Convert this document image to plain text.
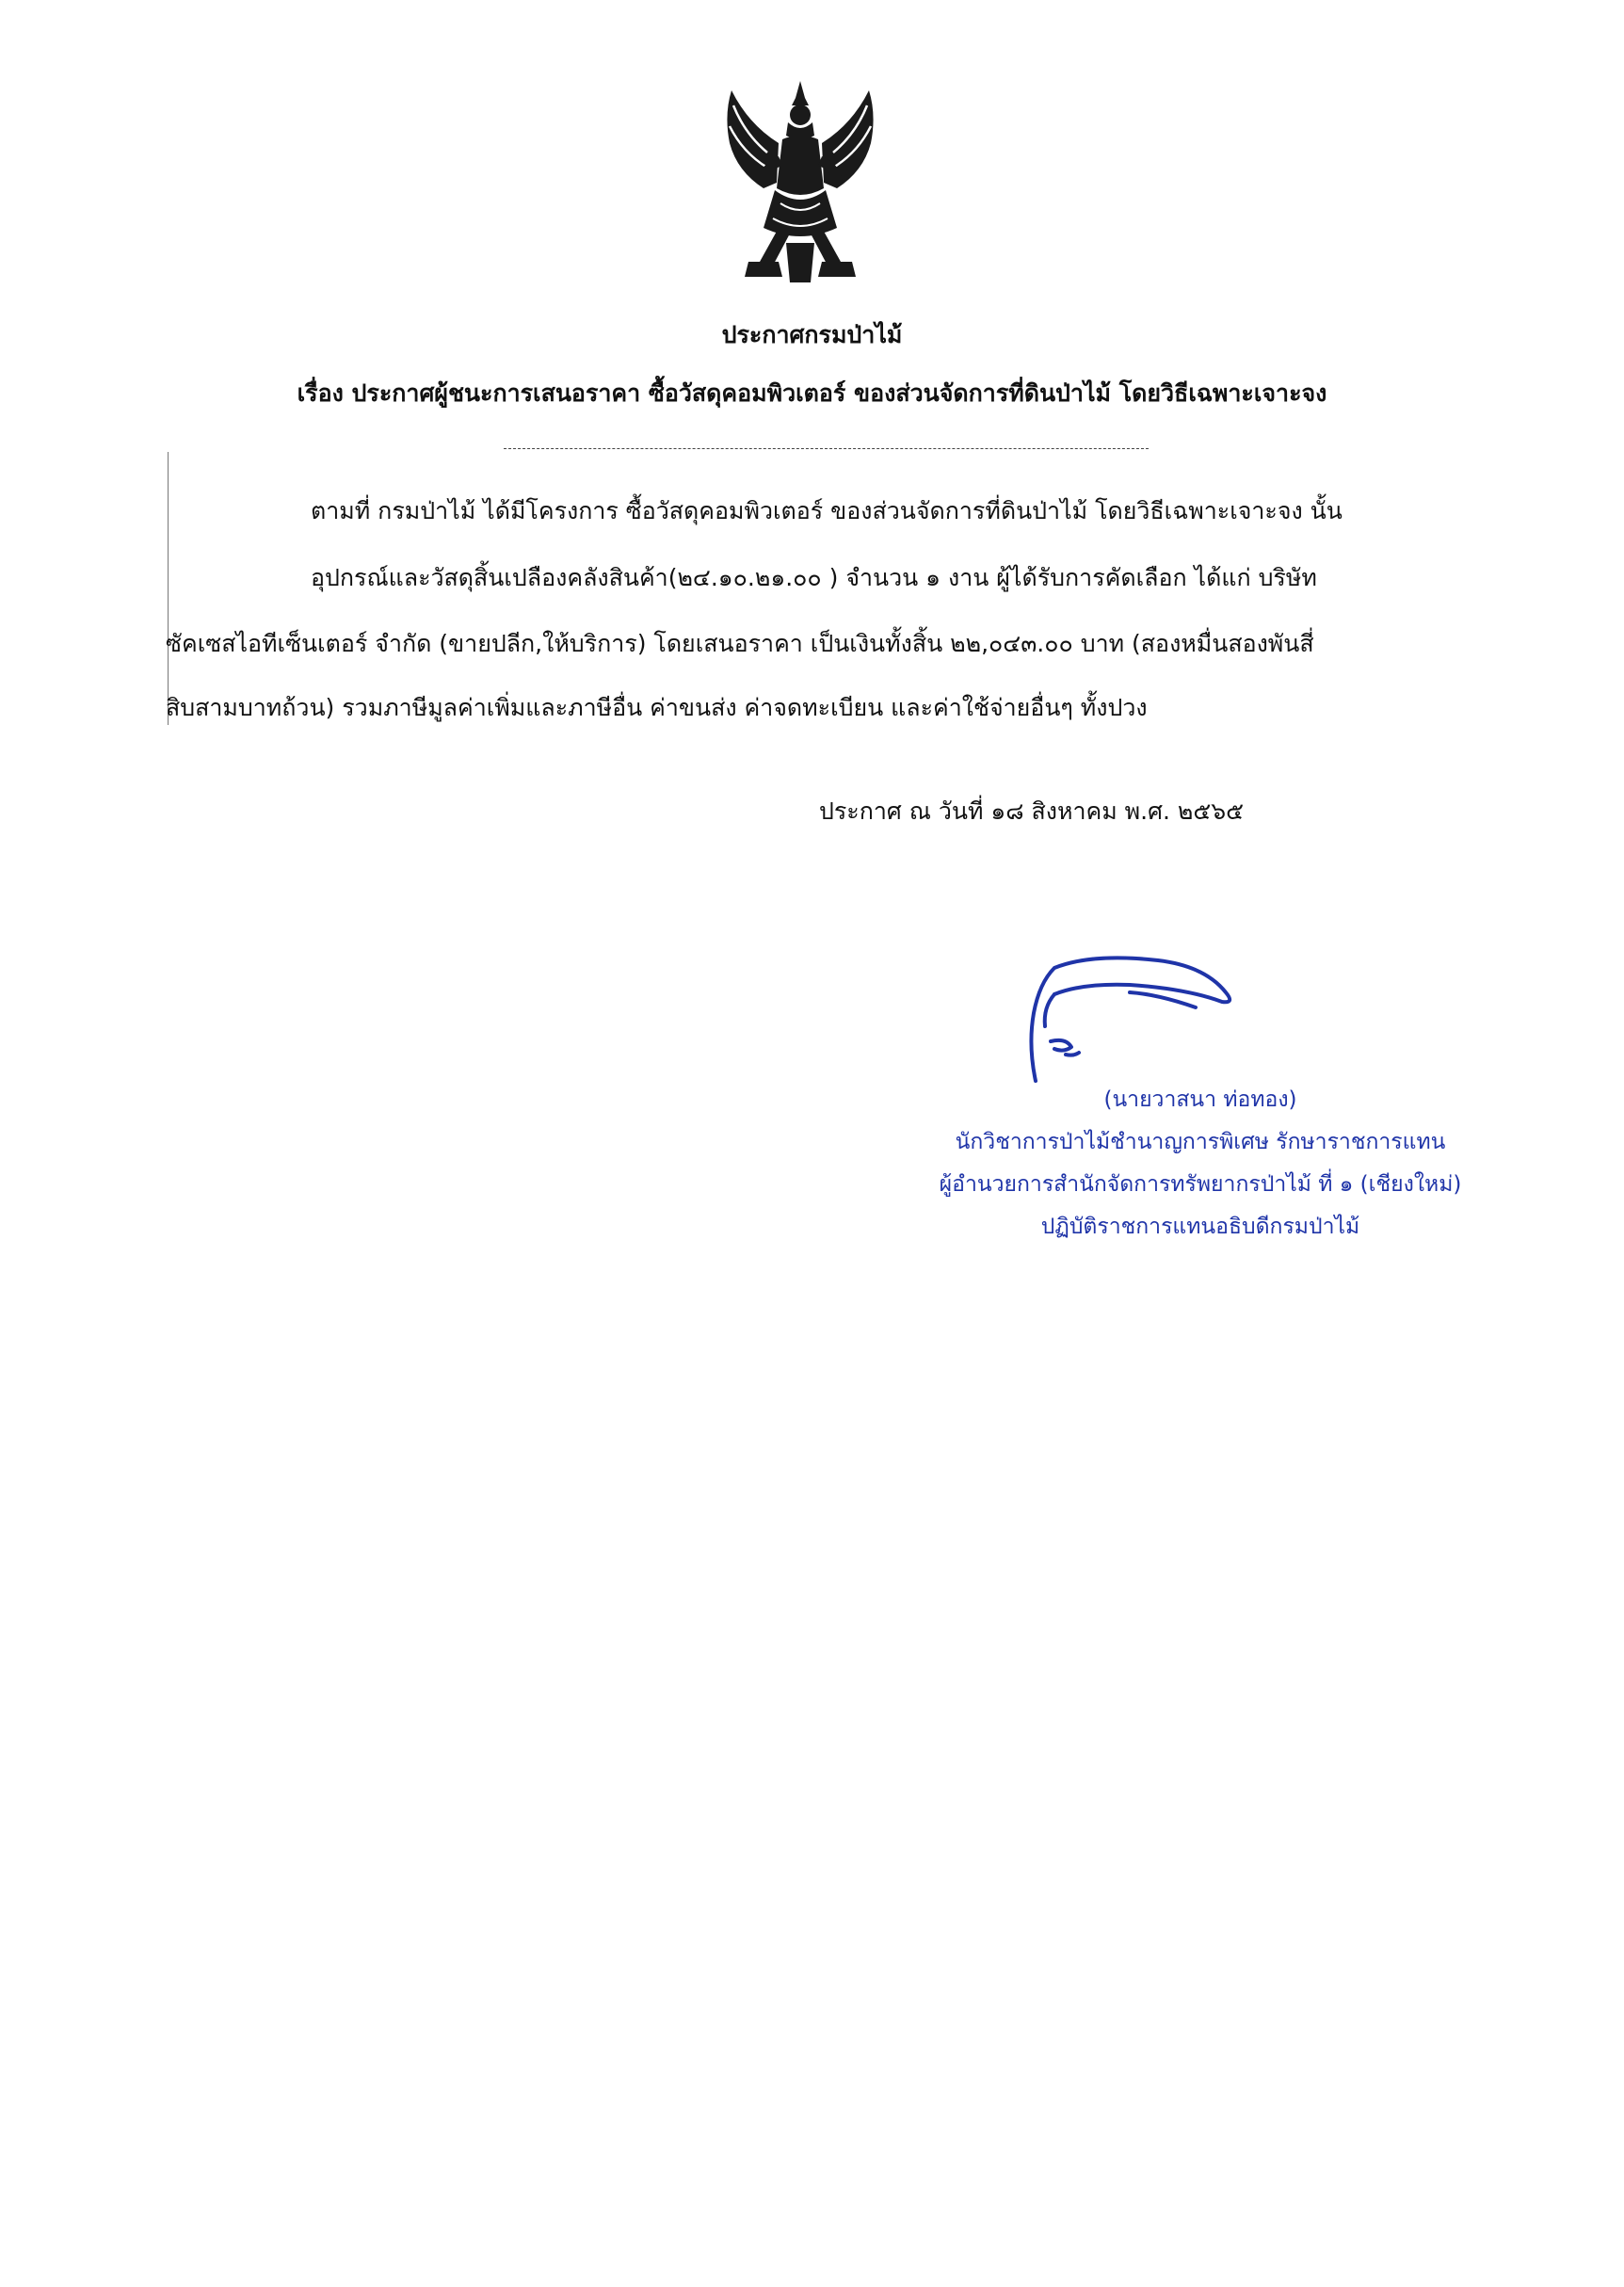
ประกาศกรมป่าไม้
เรื่อง ประกาศผู้ชนะการเสนอราคา ซื้อวัสดุคอมพิวเตอร์ ของส่วนจัดการที่ดินป่าไม้ โดยวิธีเฉพาะเจาะจง
ตามที่ กรมป่าไม้ ได้มีโครงการ ซื้อวัสดุคอมพิวเตอร์ ของส่วนจัดการที่ดินป่าไม้ โดยวิธีเฉพาะเจาะจง นั้น
อุปกรณ์และวัสดุสิ้นเปลืองคลังสินค้า(๒๔.๑๐.๒๑.๐๐ ) จำนวน ๑ งาน ผู้ได้รับการคัดเลือก ได้แก่ บริษัท
ซัคเซสไอทีเซ็นเตอร์ จำกัด (ขายปลีก,ให้บริการ) โดยเสนอราคา เป็นเงินทั้งสิ้น ๒๒,๐๔๓.๐๐ บาท (สองหมื่นสองพันสี่
สิบสามบาทถ้วน) รวมภาษีมูลค่าเพิ่มและภาษีอื่น ค่าขนส่ง ค่าจดทะเบียน และค่าใช้จ่ายอื่นๆ ทั้งปวง
ประกาศ ณ วันที่ ๑๘ สิงหาคม พ.ศ. ๒๕๖๕
(นายวาสนา ท่อทอง)
นักวิชาการป่าไม้ชำนาญการพิเศษ รักษาราชการแทน
ผู้อำนวยการสำนักจัดการทรัพยากรป่าไม้ ที่ ๑ (เชียงใหม่)
ปฏิบัติราชการแทนอธิบดีกรมป่าไม้
